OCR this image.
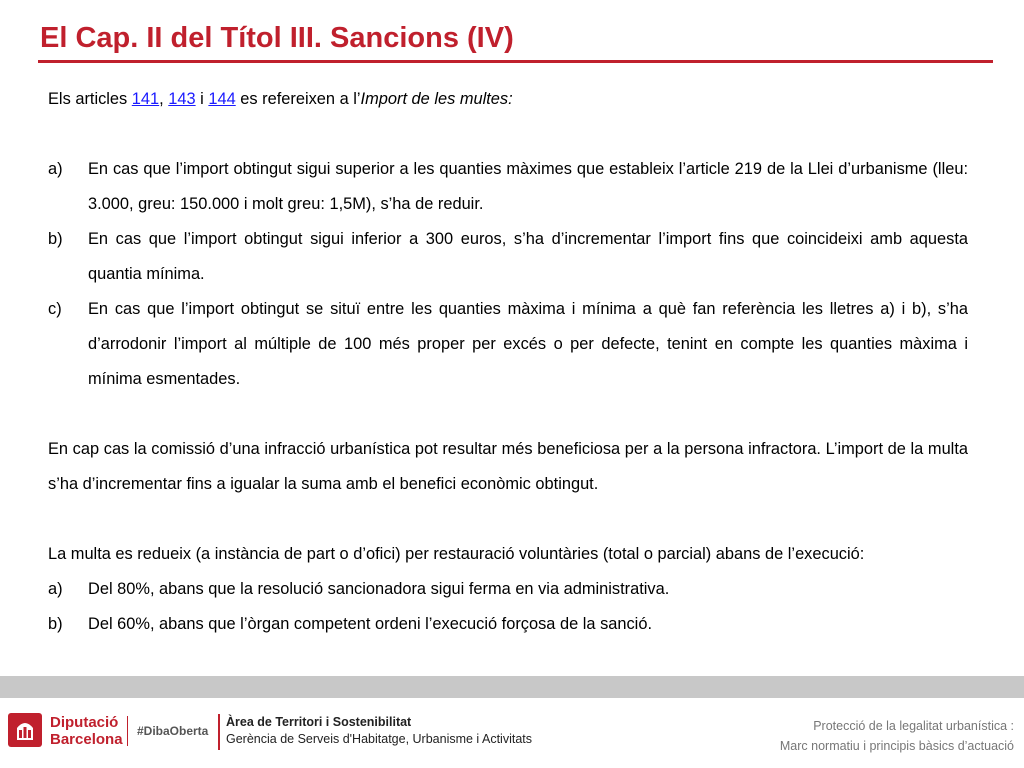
El Cap. II del Títol III. Sancions (IV)

Els articles 141, 143 i 144 es refereixen a l’Import de les multes:

a)	En cas que l’import obtingut sigui superior a les quanties màximes que estableix l’article 219 de la Llei d’urbanisme (lleu: 3.000, greu: 150.000 i molt greu: 1,5M), s’ha de reduir.
b)	En cas que l’import obtingut sigui inferior a 300 euros, s’ha d’incrementar l’import fins que coincideixi amb aquesta quantia mínima.
c)	En cas que l’import obtingut se situï entre les quanties màxima i mínima a què fan referència les lletres a) i b), s’ha d’arrodonir l’import al múltiple de 100 més proper per excés o per defecte, tenint en compte les quanties màxima i mínima esmentades.

En cap cas la comissió d’una infracció urbanística pot resultar més beneficiosa per a la persona infractora. L’import de la multa s’ha d’incrementar fins a igualar la suma amb el benefici econòmic obtingut.

La multa es redueix (a instància de part o d’ofici) per restauració voluntàries (total o parcial) abans de l’execució:

a)	Del 80%, abans que la resolució sancionadora sigui ferma en via administrativa.
b)	Del 60%, abans que l’òrgan competent ordeni l’execució forçosa de la sanció.
Diputació
Barcelona #DibaOberta
Àrea de Territori i Sostenibilitat
Gerència de Serveis d'Habitatge, Urbanisme i Activitats
Protecció de la legalitat urbanística :
Marc normatiu i principis bàsics d’actuació
